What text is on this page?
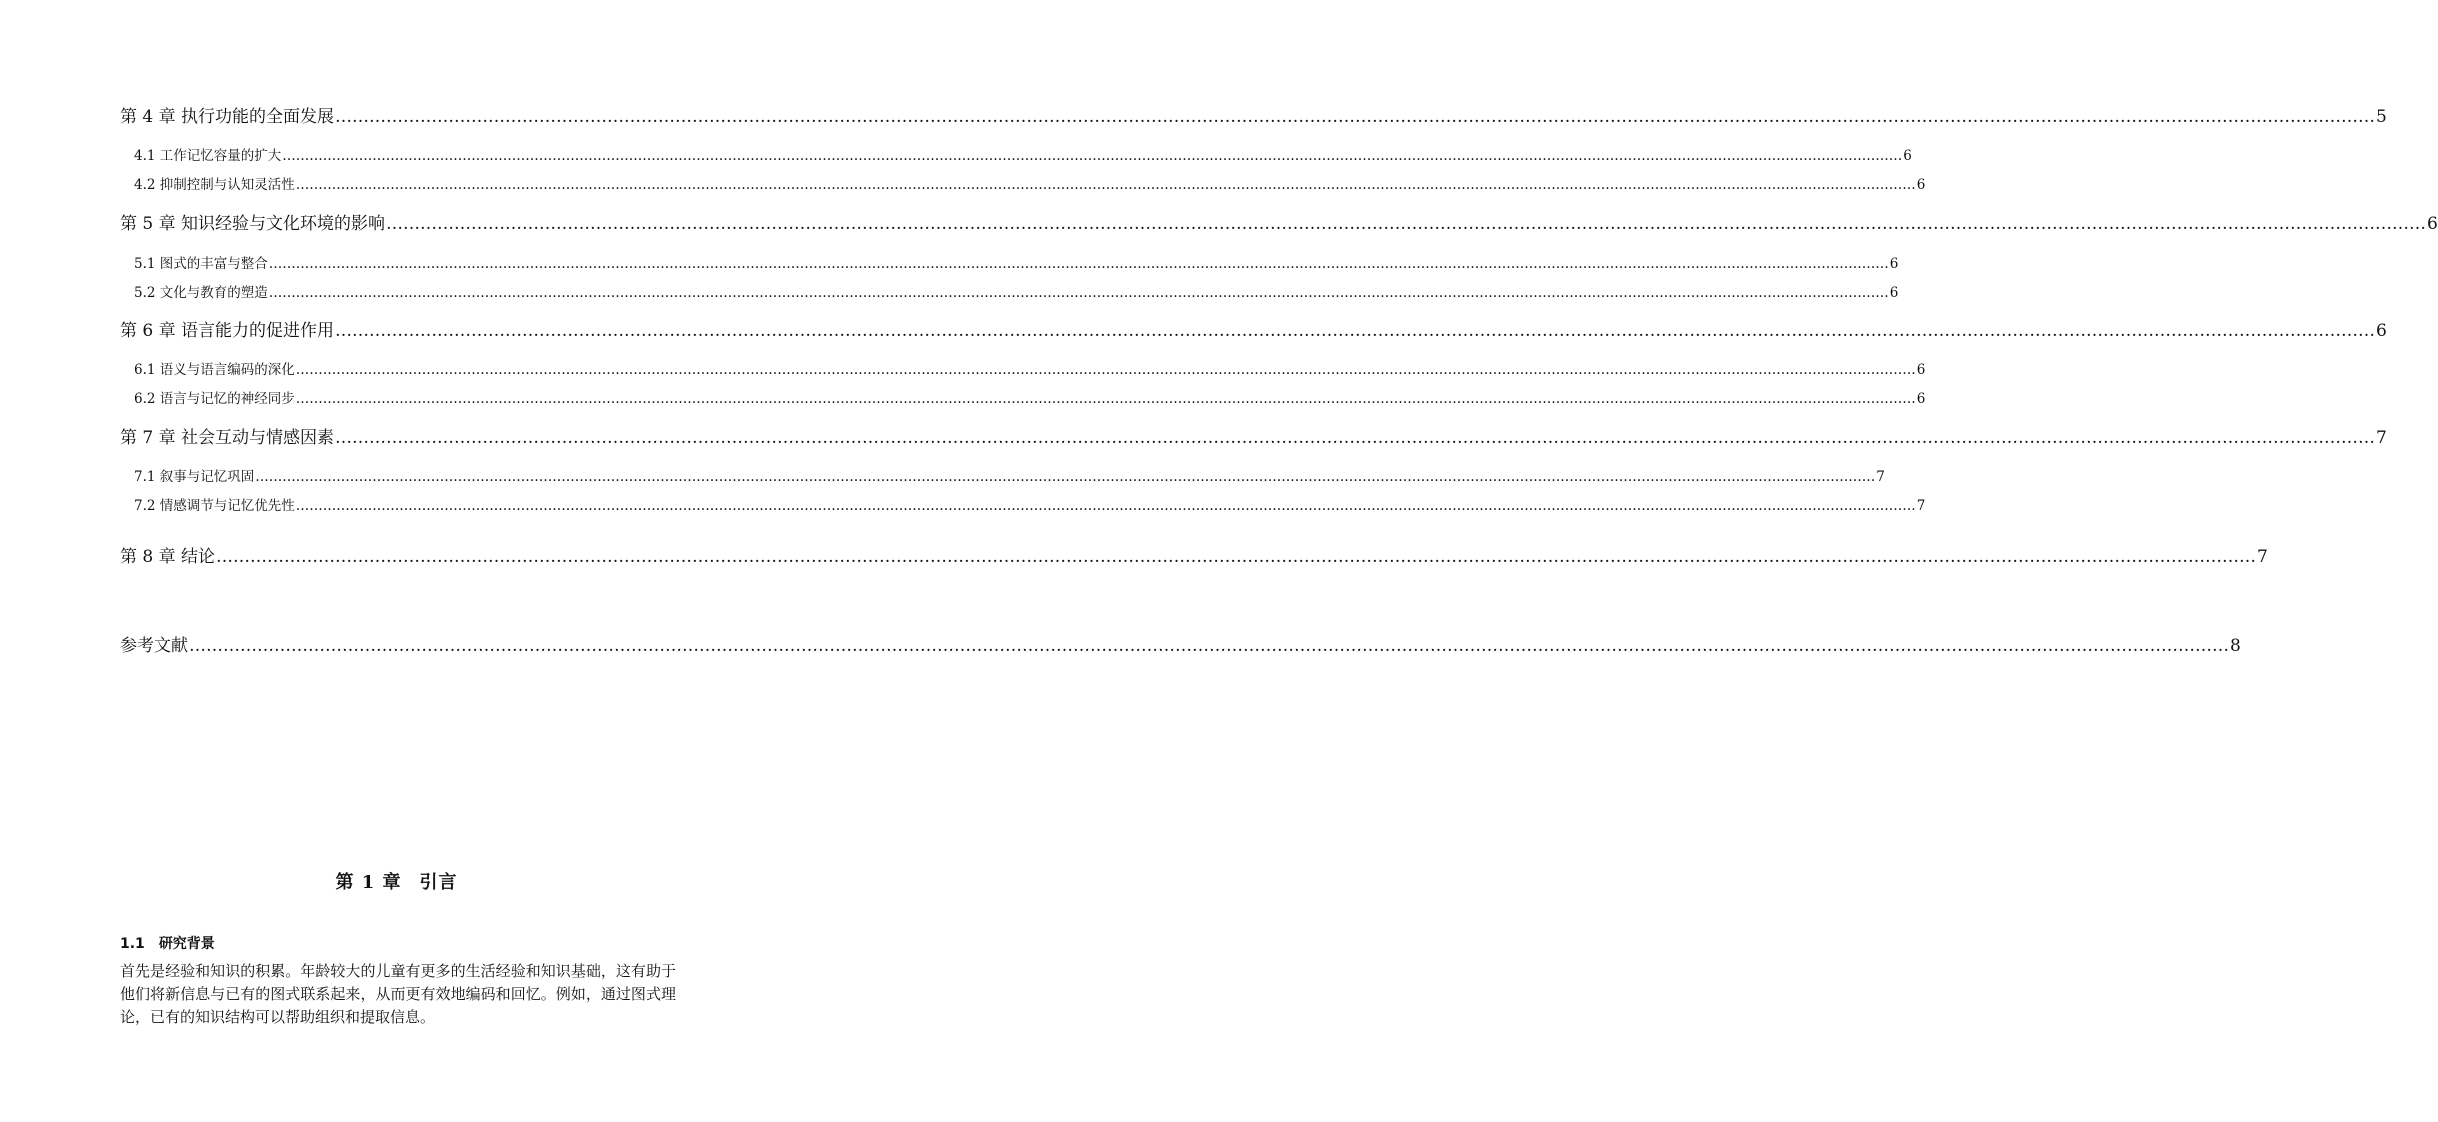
第 4 章 执行功能的全面发展 ……………………………………………………………………………………………………………………………………………………………………………………………………………………………………………………………………………………………………………………………… 5
4.1 工作记忆容量的扩大 ……………………………………………………………………………………………………………………………………………………………………………………………………………………………………………………………………………………………………………………………… 6
4.2 抑制控制与认知灵活性 ……………………………………………………………………………………………………………………………………………………………………………………………………………………………………………………………………………………………………………………………… 6
第 5 章 知识经验与文化环境的影响 ……………………………………………………………………………………………………………………………………………………………………………………………………………………………………………………………………………………………………………………………… 6
5.1 图式的丰富与整合 ……………………………………………………………………………………………………………………………………………………………………………………………………………………………………………………………………………………………………………………………… 6
5.2 文化与教育的塑造 ……………………………………………………………………………………………………………………………………………………………………………………………………………………………………………………………………………………………………………………………… 6
第 6 章 语言能力的促进作用 ……………………………………………………………………………………………………………………………………………………………………………………………………………………………………………………………………………………………………………………………… 6
6.1 语义与语言编码的深化 ……………………………………………………………………………………………………………………………………………………………………………………………………………………………………………………………………………………………………………………………… 6
6.2 语言与记忆的神经同步 ……………………………………………………………………………………………………………………………………………………………………………………………………………………………………………………………………………………………………………………………… 6
第 7 章 社会互动与情感因素 ……………………………………………………………………………………………………………………………………………………………………………………………………………………………………………………………………………………………………………………………… 7
7.1 叙事与记忆巩固 ……………………………………………………………………………………………………………………………………………………………………………………………………………………………………………………………………………………………………………………………… 7
7.2 情感调节与记忆优先性 ……………………………………………………………………………………………………………………………………………………………………………………………………………………………………………………………………………………………………………………………… 7
第 8 章 结论 ……………………………………………………………………………………………………………………………………………………………………………………………………………………………………………………………………………………………………………………………… 7
参考文献 ……………………………………………………………………………………………………………………………………………………………………………………………………………………………………………………………………………………………………………………………… 8
第 1 章 引言
1.1 研究背景
首先是经验和知识的积累。年龄较大的儿童有更多的生活经验和知识基础，这有助于他们将新信息与已有的图式联系起来，从而更有效地编码和回忆。例如，通过图式理论，已有的知识结构可以帮助组织和提取信息。
